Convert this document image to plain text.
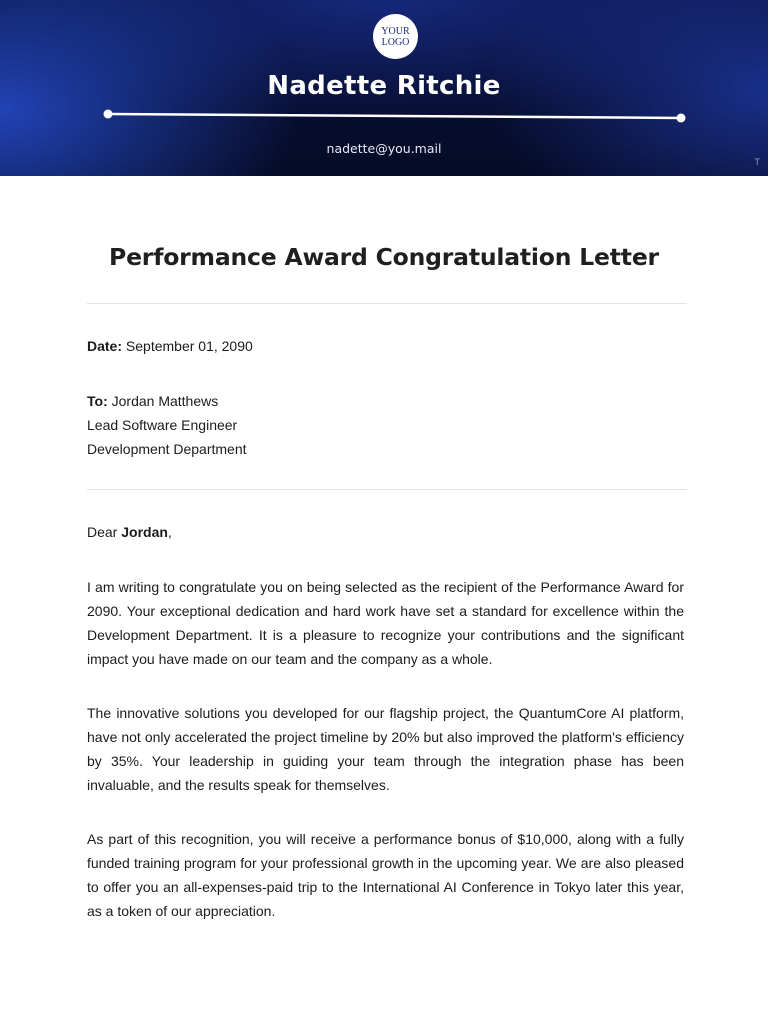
YOUR
LOGO
Nadette Ritchie
nadette@you.mail
T
Performance Award Congratulation Letter
Date: September 01, 2090
To: Jordan Matthews
Lead Software Engineer
Development Department
Dear Jordan,

I am writing to congratulate you on being selected as the recipient of the Performance Award for 2090. Your exceptional dedication and hard work have set a standard for excellence within the Development Department. It is a pleasure to recognize your contributions and the significant impact you have made on our team and the company as a whole.

The innovative solutions you developed for our flagship project, the QuantumCore AI platform, have not only accelerated the project timeline by 20% but also improved the platform's efficiency by 35%. Your leadership in guiding your team through the integration phase has been invaluable, and the results speak for themselves.

As part of this recognition, you will receive a performance bonus of $10,000, along with a fully funded training program for your professional growth in the upcoming year. We are also pleased to offer you an all-expenses-paid trip to the International AI Conference in Tokyo later this year, as a token of our appreciation.
